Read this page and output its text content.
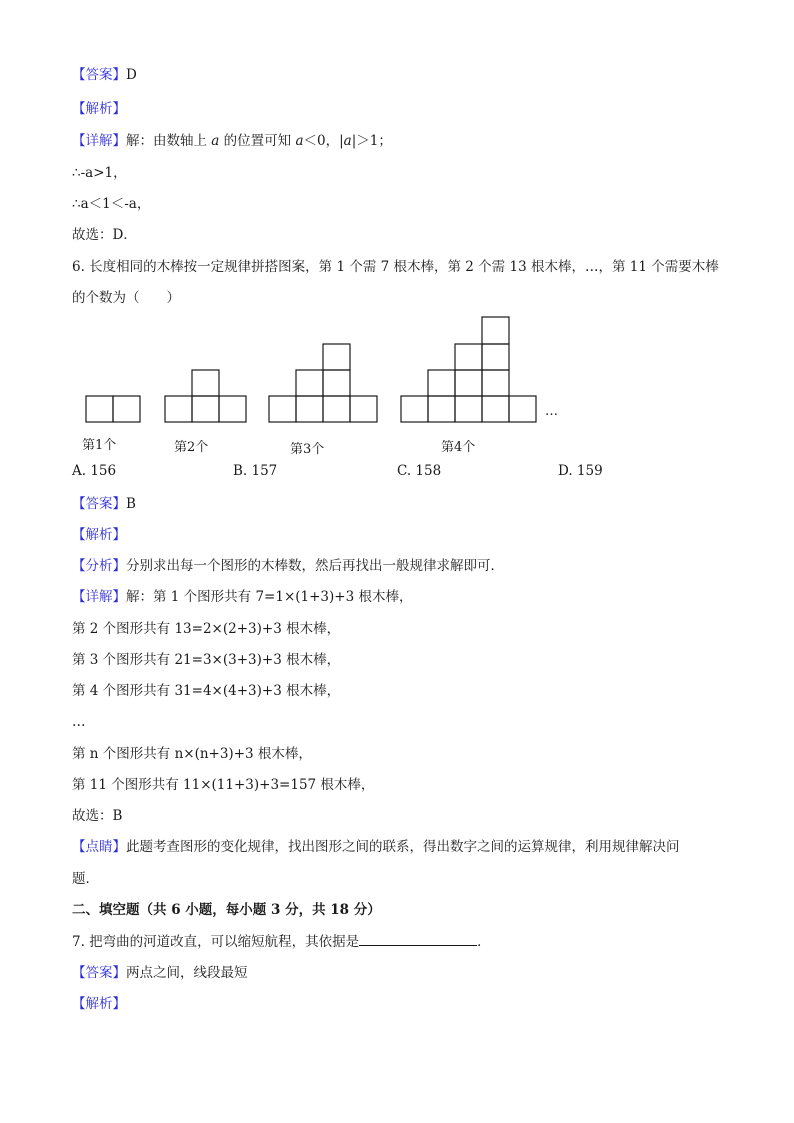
【答案】D
【解析】
【详解】解：由数轴上 a 的位置可知 a＜0，|a|＞1；
∴-a>1，
∴a＜1＜-a，
故选：D．
6. 长度相同的木棒按一定规律拼搭图案，第 1 个需 7 根木棒，第 2 个需 13 根木棒，…，第 11 个需要木棒
的个数为（　　）
…
第1个	第2个	第3个	第4个
A. 156	B. 157	C. 158	D. 159
【答案】B
【解析】
【分析】分别求出每一个图形的木棒数，然后再找出一般规律求解即可．
【详解】解：第 1 个图形共有 7=1×(1+3)+3 根木棒，
第 2 个图形共有 13=2×(2+3)+3 根木棒，
第 3 个图形共有 21=3×(3+3)+3 根木棒，
第 4 个图形共有 31=4×(4+3)+3 根木棒，
…
第 n 个图形共有 n×(n+3)+3 根木棒，
第 11 个图形共有 11×(11+3)+3=157 根木棒，
故选：B
【点睛】此题考查图形的变化规律，找出图形之间的联系，得出数字之间的运算规律，利用规律解决问
题．
二、填空题（共 6 小题，每小题 3 分，共 18 分）
7. 把弯曲的河道改直，可以缩短航程，其依据是	．
【答案】两点之间，线段最短
【解析】
